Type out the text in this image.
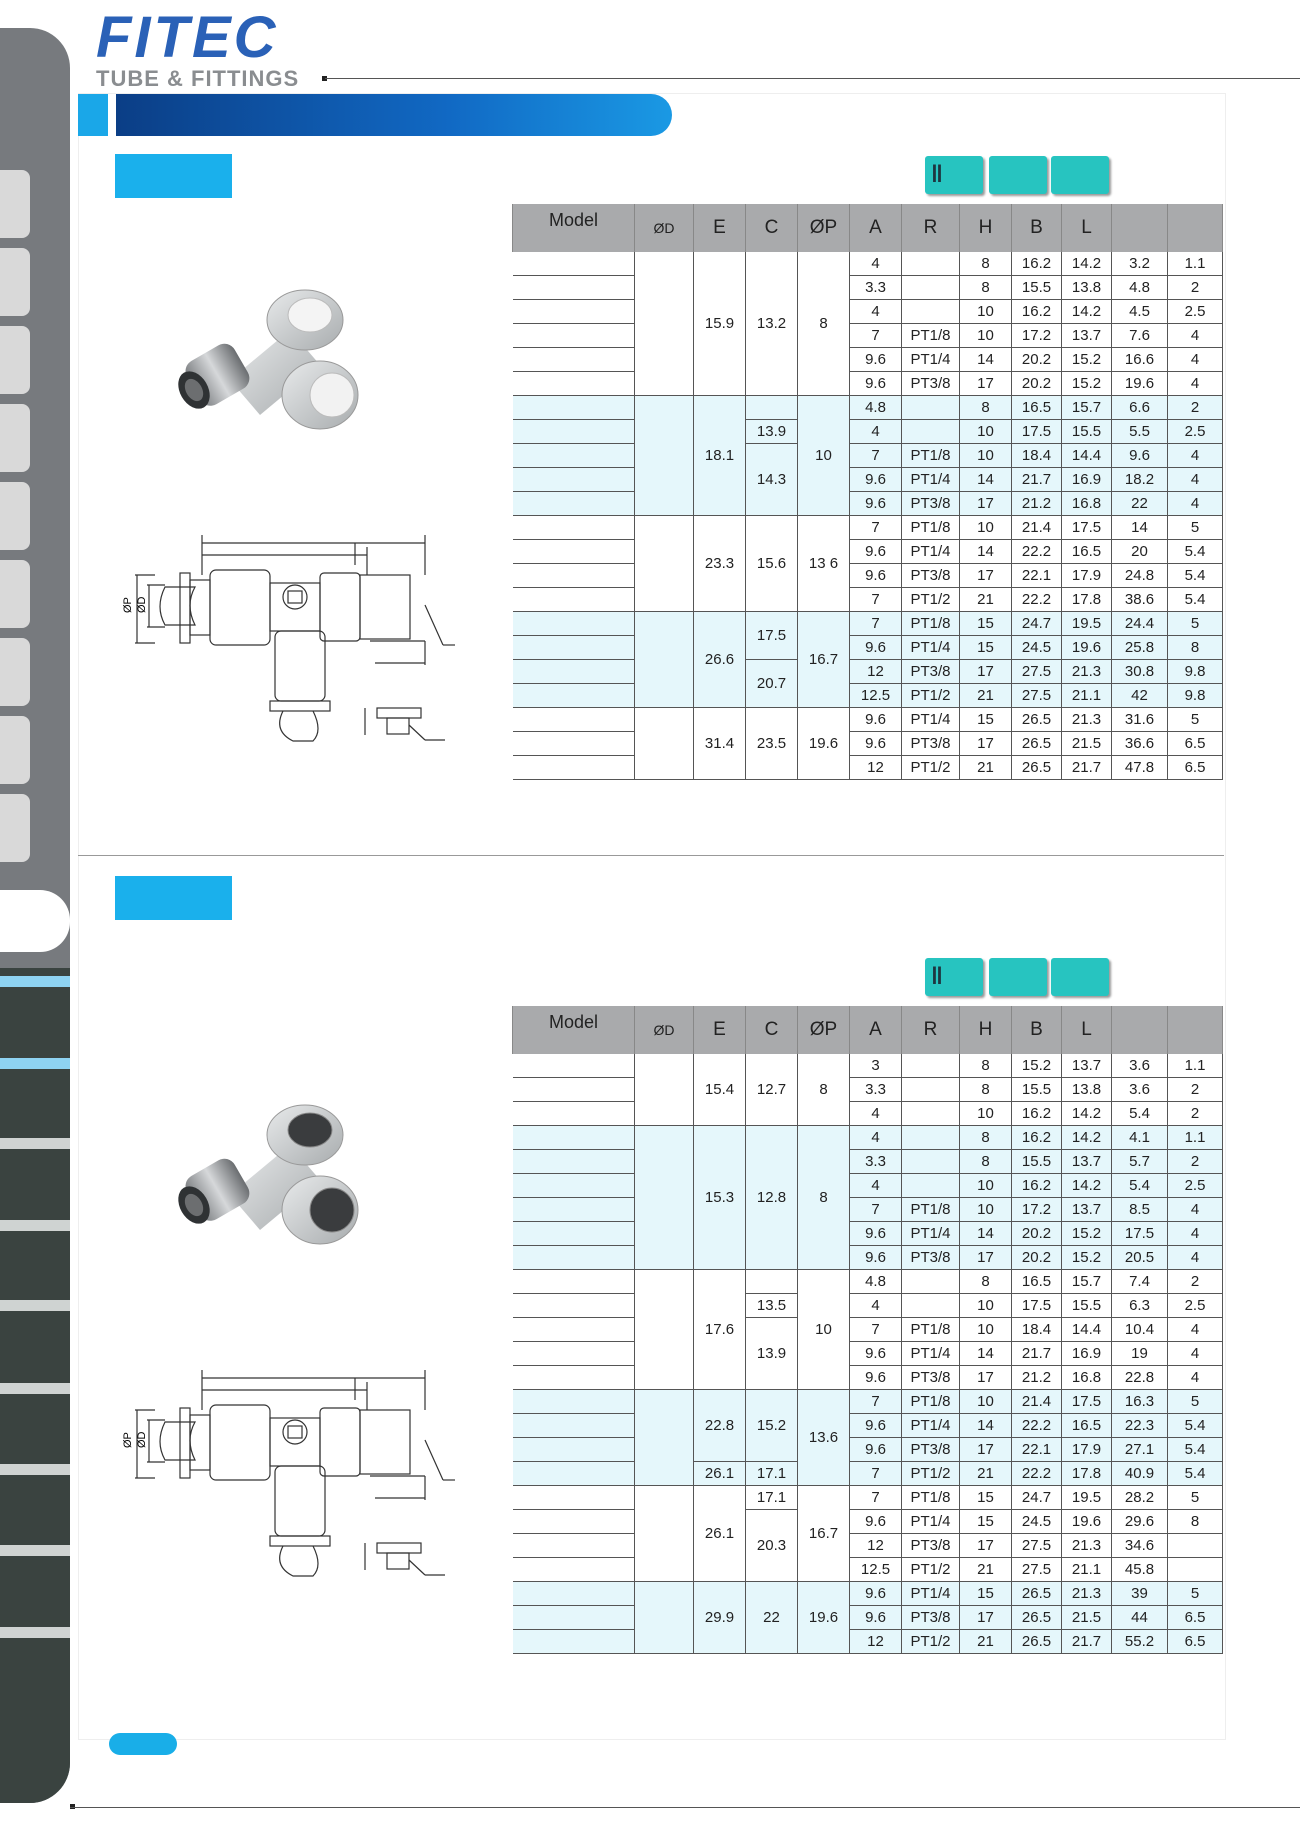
FITEC
TUBE & FITTINGS
‖
ØP ØD
Model	ØD	E	C	ØP	A	R	H	B	L		
		15.9	13.2	8	4		8	16.2	14.2	3.2	1.1
					3.3		8	15.5	13.8	4.8	2
					4		10	16.2	14.2	4.5	2.5
					7	PT1/8	10	17.2	13.7	7.6	4
					9.6	PT1/4	14	20.2	15.2	16.6	4
					9.6	PT3/8	17	20.2	15.2	19.6	4
		18.1		10	4.8		8	16.5	15.7	6.6	2
			13.9		4		10	17.5	15.5	5.5	2.5
			14.3		7	PT1/8	10	18.4	14.4	9.6	4
					9.6	PT1/4	14	21.7	16.9	18.2	4
					9.6	PT3/8	17	21.2	16.8	22	4
		23.3	15.6	13 6	7	PT1/8	10	21.4	17.5	14	5
					9.6	PT1/4	14	22.2	16.5	20	5.4
					9.6	PT3/8	17	22.1	17.9	24.8	5.4
					7	PT1/2	21	22.2	17.8	38.6	5.4
		26.6	17.5	16.7	7	PT1/8	15	24.7	19.5	24.4	5
					9.6	PT1/4	15	24.5	19.6	25.8	8
			20.7		12	PT3/8	17	27.5	21.3	30.8	9.8
					12.5	PT1/2	21	27.5	21.1	42	9.8
		31.4	23.5	19.6	9.6	PT1/4	15	26.5	21.3	31.6	5
					9.6	PT3/8	17	26.5	21.5	36.6	6.5
					12	PT1/2	21	26.5	21.7	47.8	6.5
‖
ØP ØD
Model	ØD	E	C	ØP	A	R	H	B	L		
		15.4	12.7	8	3		8	15.2	13.7	3.6	1.1
					3.3		8	15.5	13.8	3.6	2
					4		10	16.2	14.2	5.4	2
		15.3	12.8	8	4		8	16.2	14.2	4.1	1.1
					3.3		8	15.5	13.7	5.7	2
					4		10	16.2	14.2	5.4	2.5
					7	PT1/8	10	17.2	13.7	8.5	4
					9.6	PT1/4	14	20.2	15.2	17.5	4
					9.6	PT3/8	17	20.2	15.2	20.5	4
		17.6		10	4.8		8	16.5	15.7	7.4	2
			13.5		4		10	17.5	15.5	6.3	2.5
			13.9		7	PT1/8	10	18.4	14.4	10.4	4
					9.6	PT1/4	14	21.7	16.9	19	4
					9.6	PT3/8	17	21.2	16.8	22.8	4
		22.8	15.2	13.6	7	PT1/8	10	21.4	17.5	16.3	5
					9.6	PT1/4	14	22.2	16.5	22.3	5.4
					9.6	PT3/8	17	22.1	17.9	27.1	5.4
		26.1	17.1		7	PT1/2	21	22.2	17.8	40.9	5.4
		26.1	17.1	16.7	7	PT1/8	15	24.7	19.5	28.2	5
			20.3		9.6	PT1/4	15	24.5	19.6	29.6	8
					12	PT3/8	17	27.5	21.3	34.6	
					12.5	PT1/2	21	27.5	21.1	45.8	
		29.9	22	19.6	9.6	PT1/4	15	26.5	21.3	39	5
					9.6	PT3/8	17	26.5	21.5	44	6.5
					12	PT1/2	21	26.5	21.7	55.2	6.5
